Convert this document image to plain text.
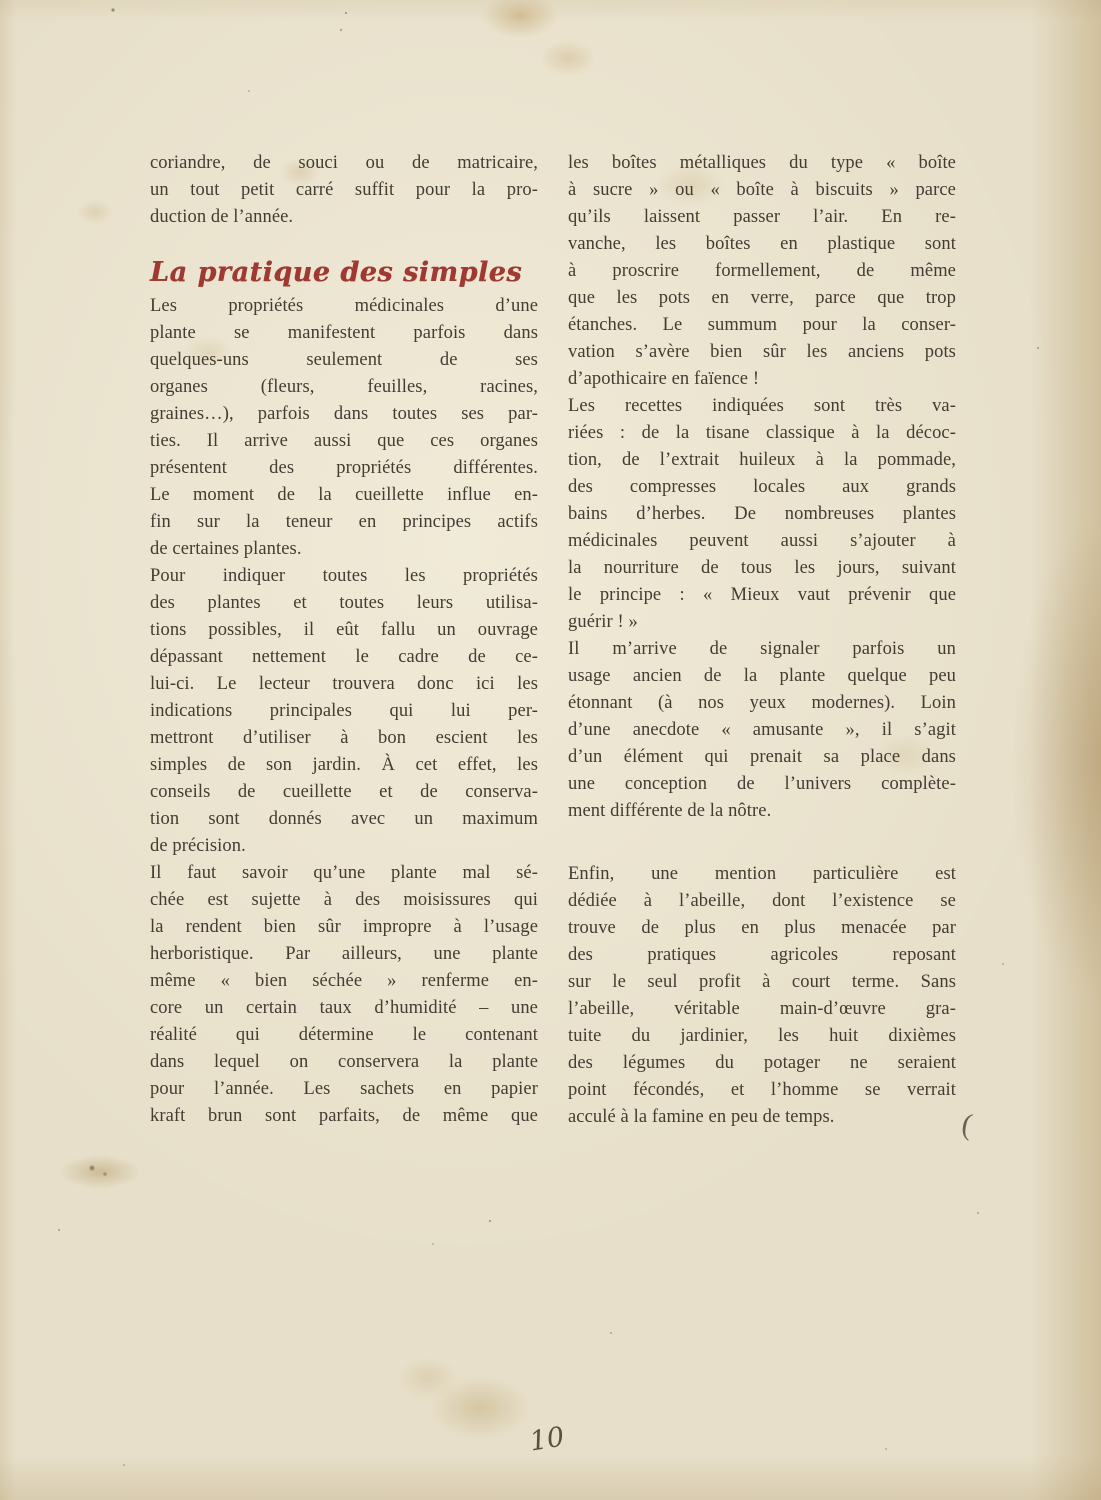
coriandre, de souci ou de matricaire,
un tout petit carré suffit pour la pro-
duction de l’année.
La pratique des simples
Les propriétés médicinales d’une
plante se manifestent parfois dans
quelques-uns seulement de ses
organes (fleurs, feuilles, racines,
graines…), parfois dans toutes ses par-
ties. Il arrive aussi que ces organes
présentent des propriétés différentes.
Le moment de la cueillette influe en-
fin sur la teneur en principes actifs
de certaines plantes.
Pour indiquer toutes les propriétés
des plantes et toutes leurs utilisa-
tions possibles, il eût fallu un ouvrage
dépassant nettement le cadre de ce-
lui-ci. Le lecteur trouvera donc ici les
indications principales qui lui per-
mettront d’utiliser à bon escient les
simples de son jardin. À cet effet, les
conseils de cueillette et de conserva-
tion sont donnés avec un maximum
de précision.
Il faut savoir qu’une plante mal sé-
chée est sujette à des moisissures qui
la rendent bien sûr impropre à l’usage
herboristique. Par ailleurs, une plante
même « bien séchée » renferme en-
core un certain taux d’humidité – une
réalité qui détermine le contenant
dans lequel on conservera la plante
pour l’année. Les sachets en papier
kraft brun sont parfaits, de même que
les boîtes métalliques du type « boîte
à sucre » ou « boîte à biscuits » parce
qu’ils laissent passer l’air. En re-
vanche, les boîtes en plastique sont
à proscrire formellement, de même
que les pots en verre, parce que trop
étanches. Le summum pour la conser-
vation s’avère bien sûr les anciens pots
d’apothicaire en faïence !
Les recettes indiquées sont très va-
riées : de la tisane classique à la décoc-
tion, de l’extrait huileux à la pommade,
des compresses locales aux grands
bains d’herbes. De nombreuses plantes
médicinales peuvent aussi s’ajouter à
la nourriture de tous les jours, suivant
le principe : « Mieux vaut prévenir que
guérir ! »
Il m’arrive de signaler parfois un
usage ancien de la plante quelque peu
étonnant (à nos yeux modernes). Loin
d’une anecdote « amusante », il s’agit
d’un élément qui prenait sa place dans
une conception de l’univers complète-
ment différente de la nôtre.
Enfin, une mention particulière est
dédiée à l’abeille, dont l’existence se
trouve de plus en plus menacée par
des pratiques agricoles reposant
sur le seul profit à court terme. Sans
l’abeille, véritable main-d’œuvre gra-
tuite du jardinier, les huit dixièmes
des légumes du potager ne seraient
point fécondés, et l’homme se verrait
acculé à la famine en peu de temps.	(
10
